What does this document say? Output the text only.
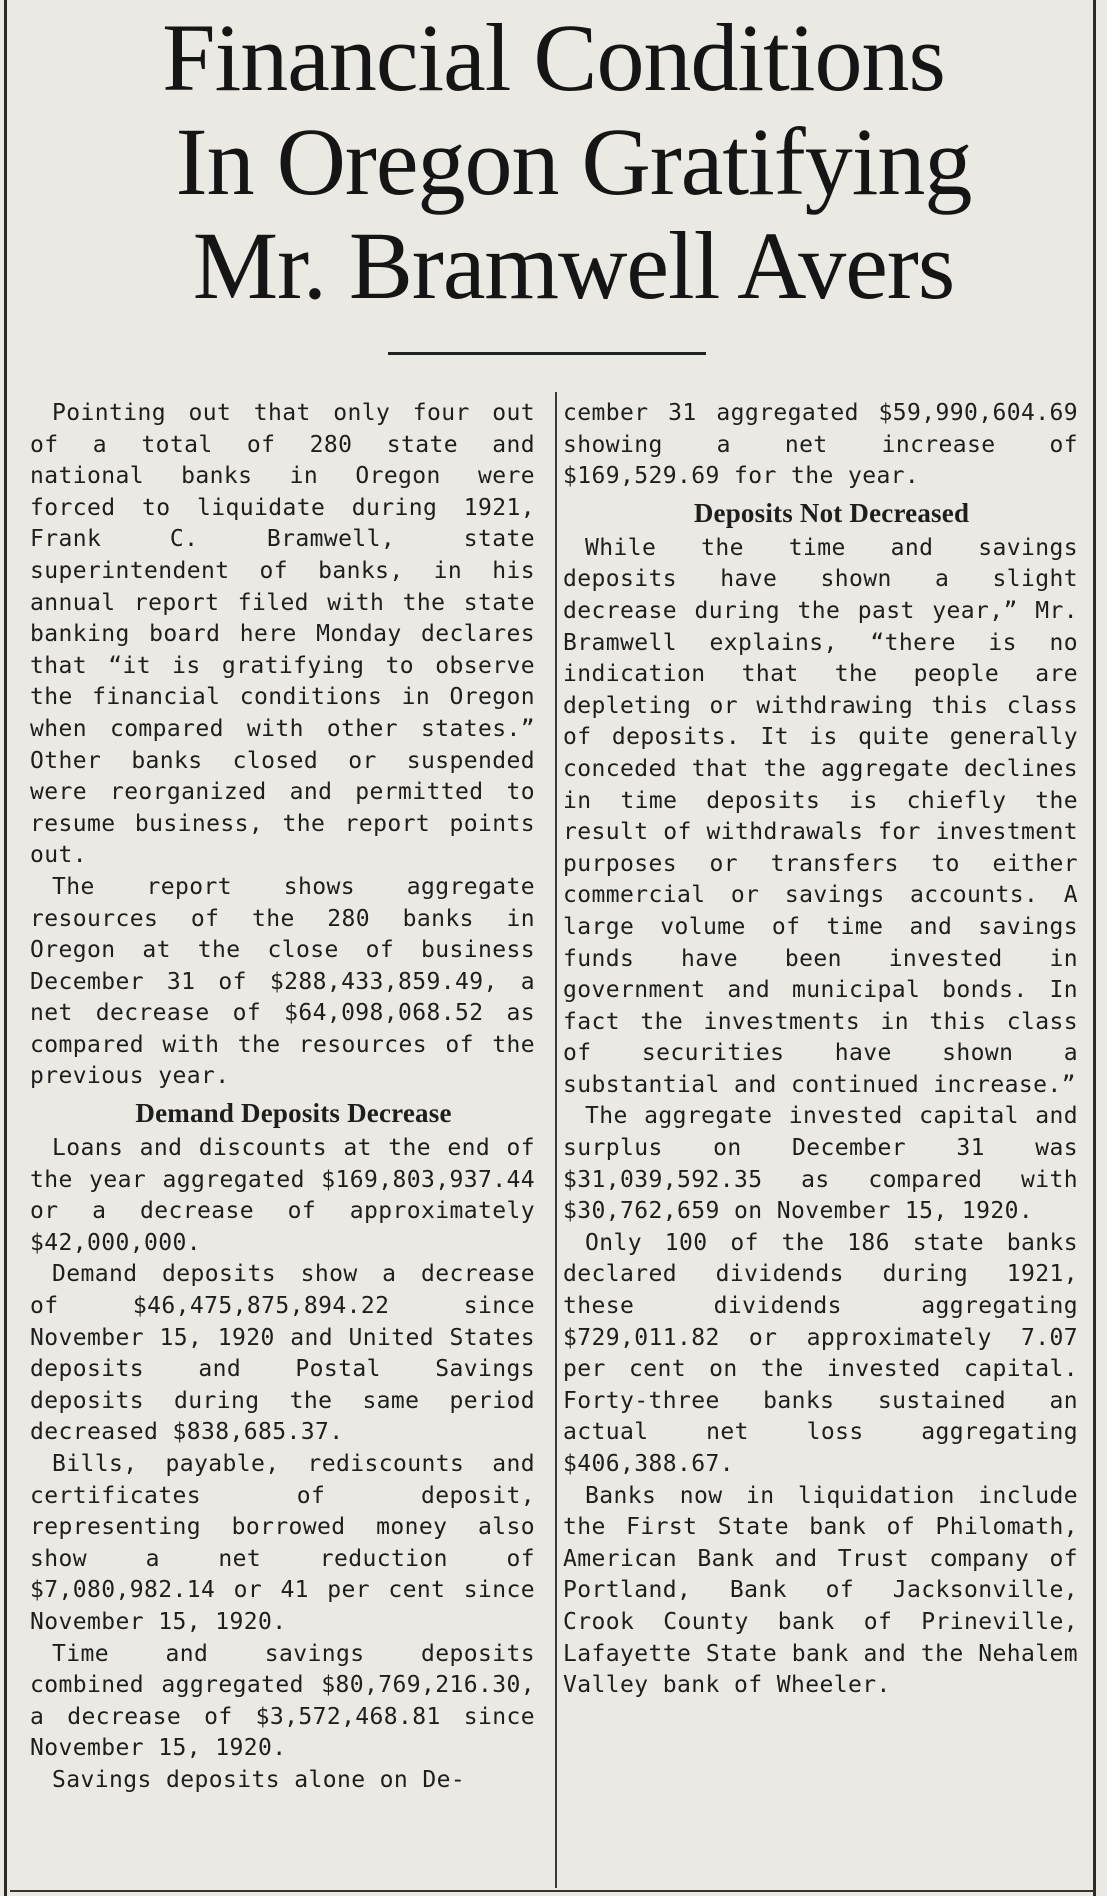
Financial Conditions
In Oregon Gratifying
Mr. Bramwell Avers

Pointing out that only four out of a total of 280 state and national banks in Oregon were forced to liquidate during 1921, Frank C. Bramwell, state superintendent of banks, in his annual report filed with the state banking board here Monday declares that “it is gratifying to observe the financial conditions in Oregon when compared with other states.” Other banks closed or suspended were reorganized and permitted to resume business, the report points out.

The report shows aggregate resources of the 280 banks in Oregon at the close of business December 31 of $288,433,859.49, a net decrease of $64,098,068.52 as compared with the resources of the previous year.

Demand Deposits Decrease

Loans and discounts at the end of the year aggregated $169,803,937.44 or a decrease of approximately $42,000,000.

Demand deposits show a decrease of $46,475,875,894.22 since November 15, 1920 and United States deposits and Postal Savings deposits during the same period decreased $838,685.37.

Bills, payable, rediscounts and certificates of deposit, representing borrowed money also show a net reduction of $7,080,982.14 or 41 per cent since November 15, 1920.

Time and savings deposits combined aggregated $80,769,216.30, a decrease of $3,572,468.81 since November 15, 1920.

Savings deposits alone on De-

cember 31 aggregated $59,990,604.69 showing a net increase of $169,529.69 for the year.

Deposits Not Decreased

While the time and savings deposits have shown a slight decrease during the past year,” Mr. Bramwell explains, “there is no indication that the people are depleting or withdrawing this class of deposits. It is quite generally conceded that the aggregate declines in time deposits is chiefly the result of withdrawals for investment purposes or transfers to either commercial or savings accounts. A large volume of time and savings funds have been invested in government and municipal bonds. In fact the investments in this class of securities have shown a substantial and continued increase.”

The aggregate invested capital and surplus on December 31 was $31,039,592.35 as compared with $30,762,659 on November 15, 1920.

Only 100 of the 186 state banks declared dividends during 1921, these dividends aggregating $729,011.82 or approximately 7.07 per cent on the invested capital. Forty-three banks sustained an actual net loss aggregating $406,388.67.

Banks now in liquidation include the First State bank of Philomath, American Bank and Trust company of Portland, Bank of Jacksonville, Crook County bank of Prineville, Lafayette State bank and the Nehalem Valley bank of Wheeler.
